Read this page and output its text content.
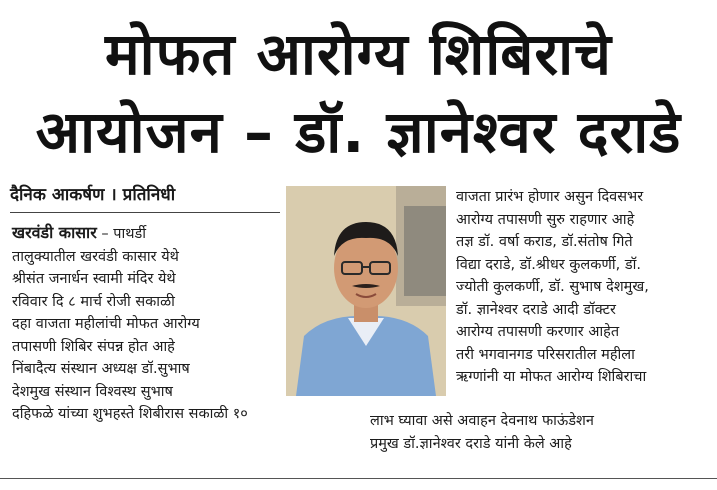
मोफत आरोग्य शिबिराचे
आयोजन – डॉ. ज्ञानेश्वर दराडे
दैनिक आकर्षण । प्रतिनिधी

खरवंडी कासार – पाथर्डी

तालुक्यातील खरवंडी कासार येथे

श्रीसंत जनार्धन स्वामी मंदिर येथे

रविवार दि ८ मार्च रोजी सकाळी

दहा वाजता महीलांची मोफत आरोग्य

तपासणी शिबिर संपन्न होत आहे

निंबादैत्य संस्थान अध्यक्ष डॉ.सुभाष

देशमुख संस्थान विश्वस्थ सुभाष

दहिफळे यांच्या शुभहस्ते शिबीरास सकाळी १०

वाजता प्रारंभ होणार असुन दिवसभर

आरोग्य तपासणी सुरु राहणार आहे

तज्ञ डॉ. वर्षा कराड, डॉ.संतोष गिते

विद्या दराडे, डॉ.श्रीधर कुलकर्णी, डॉ.

ज्योती कुलकर्णी, डॉ. सुभाष देशमुख,

डॉ. ज्ञानेश्वर दराडे आदी डॉक्टर

आरोग्य तपासणी करणार आहेत

तरी भगवानगड परिसरातील महीला

ऋग्णांनी या मोफत आरोग्य शिबिराचा

लाभ घ्यावा असे अवाहन देवनाथ फाऊंडेशन

प्रमुख डॉ.ज्ञानेश्वर दराडे यांनी केले आहे
